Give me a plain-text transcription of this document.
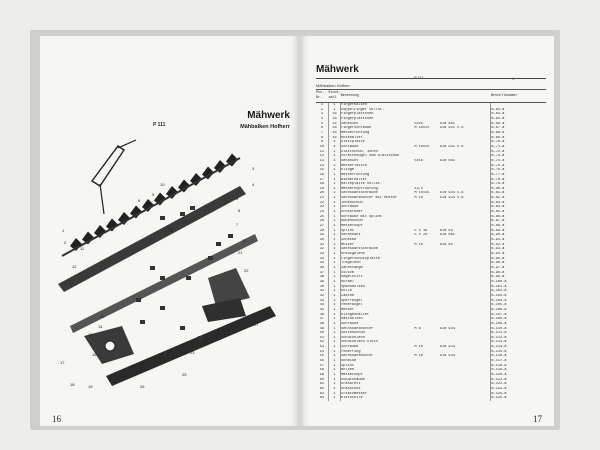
P 111
Mähwerk
Mähbalken Hofherr
1
2
3
4
5
6
7
8
9
10
11
12
13
14
15
16
17
18	19
20
21
22
23
24
25
26
27
16
Mähwerk
Mähbalken Hofherr
Pos.-Nr.	Stück-zahl	Benennung				Bestellnummer
1	1	Fingerbalken				
2	1	Doppelfinger vollst.				B-63-a
3	16	Fingerplättchen				B-64-a
4	16	Fingerplättchen				B-65-a
5	32	Senkniet	5x25	DIN 661		B-66-a
6	16	Fingerschraube	M 10x25	DIN 931 5.6		B-67-a
7	16	Messerführung				B-68-a
8	16	Kniehalter				B-69-a
9	2	Gleitplatte				B-70-a
10	4	Schraube	M 10x25	DIN 931 5.6		B-71-a
11	1	Gleitschuh, innen				B-72-a
12	1	Streichbügel zum Gleitschuh				B-73-a
13	3	Senkniet	5x16	DIN 661		B-74-a
14	1	Messerleiste				B-75-a
15	1	Klinge				B-76-a
16	1	Messerführung				B-77-a
17	1	Niederhalter				B-78-a
18	1	Halteplatte vollst.				B-79-a
19	1	Messerkopfführung	13,5			B-80-a
20	2	Sechskantschraube	M 10x35	DIN 934 5.6		B-81-a
21	1	Sechskantmutter mit Mutter	M 10	DIN 934 5.6		B-82-a
22	1	Innenschuh				B-83-a
23	1	Schraube				B-84-a
24	1	Druckfeder				B-85-a
25	1	Schraube mit Splint				B-86-a
26	1	Außenschuh				B-87-a
27	1	Messerkopf				B-88-a
28	1	Splint	5 x 16	DIN 94		B-89-a
29	2	Sechskant	5 x 20	DIN 661		B-90-a
30	1	Scheibe				B-91-a
31	1	Mutter	M 10	DIN 85		B-92-a
32	1	Sechskantschraube				B-93-a
33	1	Kreuzgelenk				B-94-a
34	1	Fingerschutzplatte				B-95-a
35	1	Tragblech				B-96-a
36	1	Zahnstange				B-97-a
37	1	Stütze				B-98-a
38	1	Kegelstift				B-99-a
39	1	Kurbel				B-100-a
40	1	Spannbolzen				B-101-a
41	1	Rolle				B-102-a
42	1	Lasche				B-103-a
43	1	Sperrbügel				B-104-a
44	1	Federbügel				B-105-a
45	1	Messer				B-106-a
46	1	Klingenhalter				B-107-a
47	1	Rastbolzen				B-108-a
48	1	Schraube				B-109-a
49	1	Sechskantmutter	M 8	DIN 934		B-110-a
50	1	Seitenschuh				B-111-a
51	1	Schutzblech				B-112-a
52	1	Schutzblech klein				B-113-a
53	1	Schraube	M 10	DIN 933		B-114-a
54	1	Federring				B-115-a
55	1	Sechskantmutter	M 10	DIN 934		B-116-a
56	1	Scheibe				B-117-a
57	1	Splint				B-118-a
58	1	Bolzen				B-119-a
59	1	Messerkopf				B-120-a
60	1	Schutzhaube				B-121-a
61	1	Grasbrett				B-122-a
62	1	Grasstock				B-123-a
63	1	Ersatzmesser				B-124-a
64	1	Kleinteile				B-125-a
17
